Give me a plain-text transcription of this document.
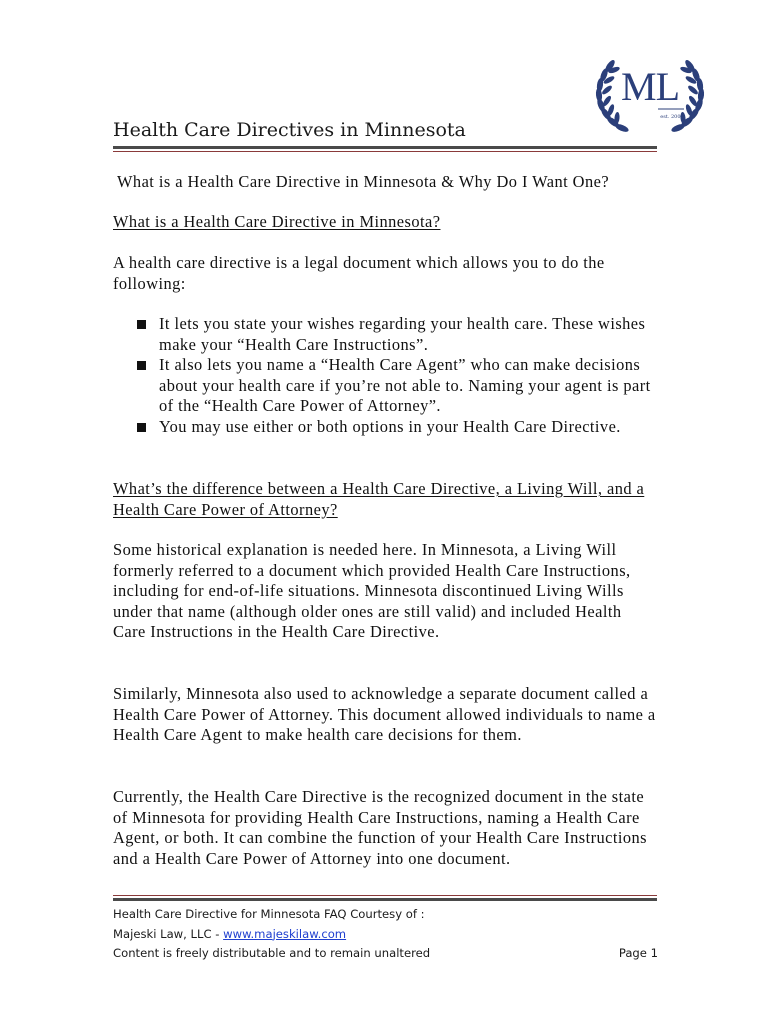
ML
est. 2009
Health Care Directives in Minnesota
What is a Health Care Directive in Minnesota & Why Do I Want One?
What is a Health Care Directive in Minnesota?
A health care directive is a legal document which allows you to do the following:
It lets you state your wishes regarding your health care. These wishes make your “Health Care Instructions”.
It also lets you name a “Health Care Agent” who can make decisions about your health care if you’re not able to. Naming your agent is part of the “Health Care Power of Attorney”.
You may use either or both options in your Health Care Directive.
What’s the difference between a Health Care Directive, a Living Will, and a Health Care Power of Attorney?
Some historical explanation is needed here. In Minnesota, a Living Will formerly referred to a document which provided Health Care Instructions, including for end-of-life situations. Minnesota discontinued Living Wills under that name (although older ones are still valid) and included Health Care Instructions in the Health Care Directive.
Similarly, Minnesota also used to acknowledge a separate document called a Health Care Power of Attorney. This document allowed individuals to name a Health Care Agent to make health care decisions for them.
Currently, the Health Care Directive is the recognized document in the state of Minnesota for providing Health Care Instructions, naming a Health Care Agent, or both. It can combine the function of your Health Care Instructions and a Health Care Power of Attorney into one document.
Health Care Directive for Minnesota FAQ Courtesy of :
Majeski Law, LLC - www.majeskilaw.com
Content is freely distributable and to remain unaltered	Page 1
